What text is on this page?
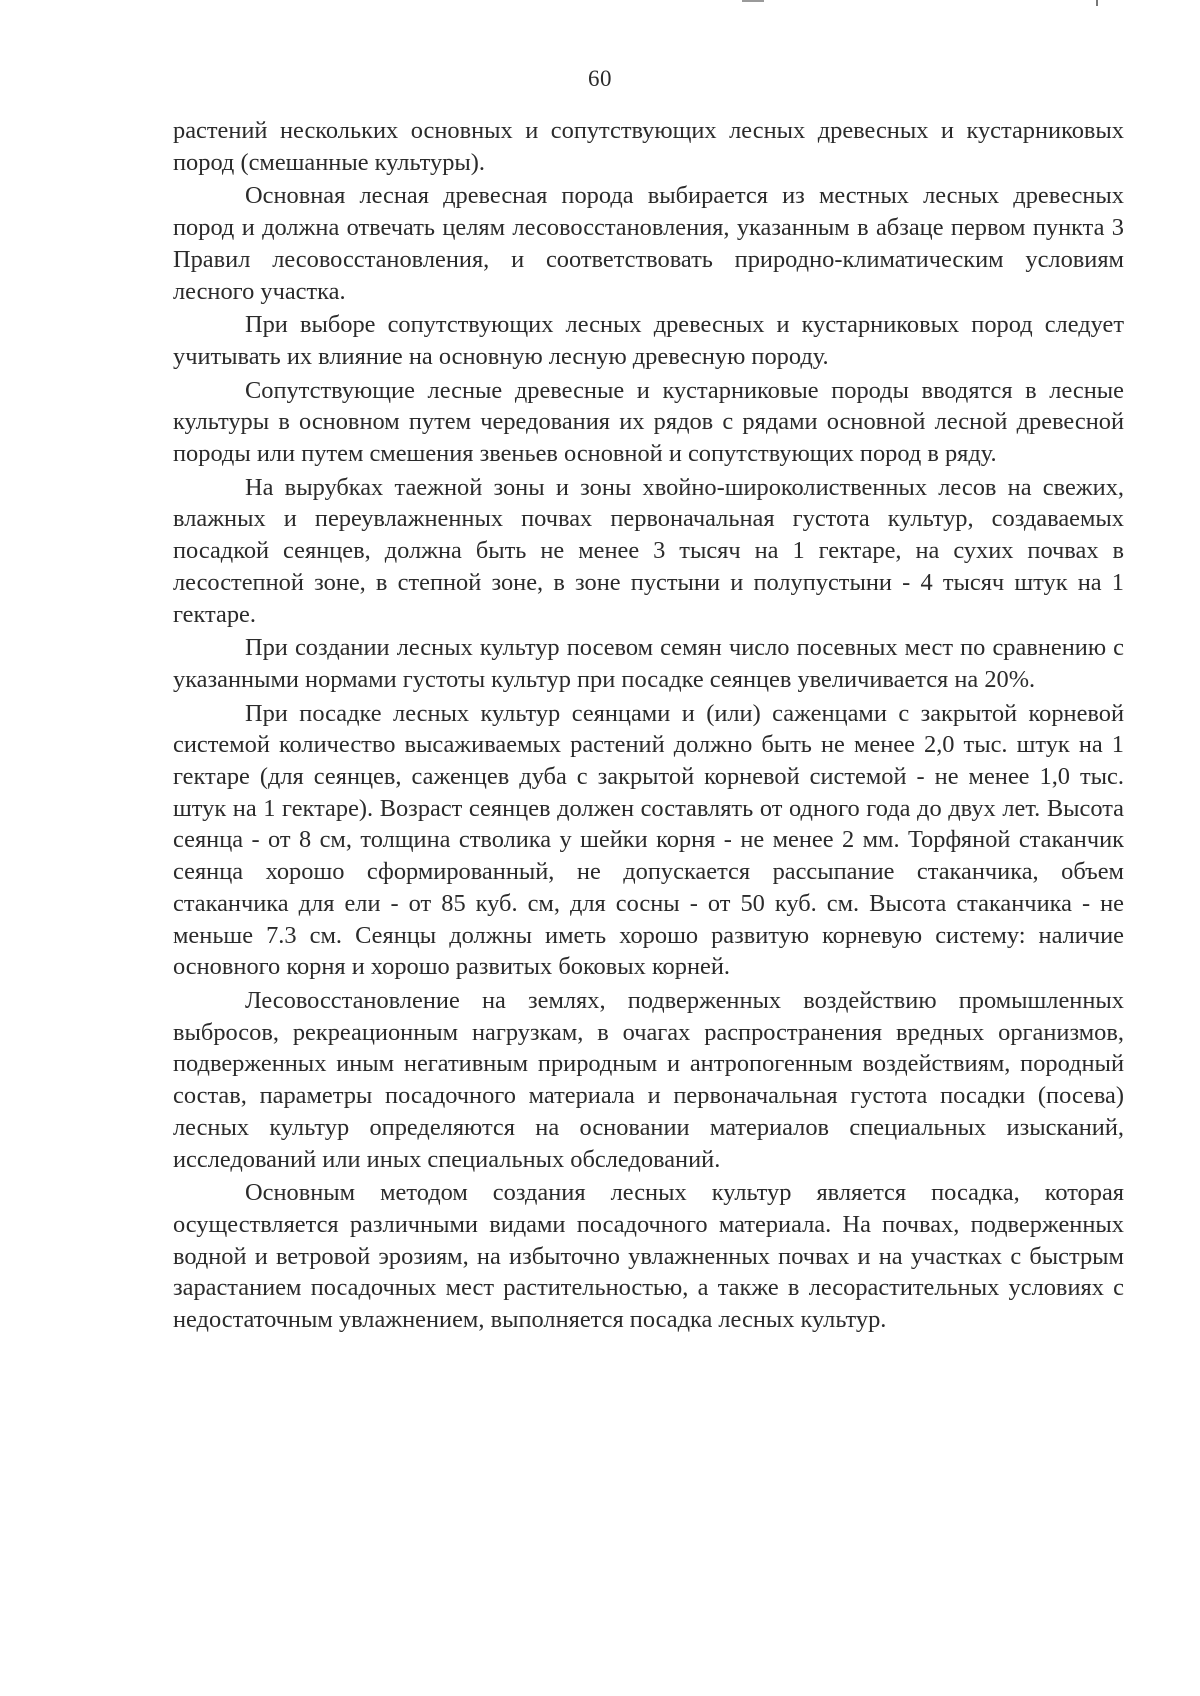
60

растений нескольких основных и сопутствующих лесных древесных и кустарниковых пород (смешанные культуры).

Основная лесная древесная порода выбирается из местных лесных древесных пород и должна отвечать целям лесовосстановления, указанным в абзаце первом пункта 3 Правил лесовосстановления, и соответствовать природно-климатическим условиям лесного участка.

При выборе сопутствующих лесных древесных и кустарниковых пород следует учитывать их влияние на основную лесную древесную породу.

Сопутствующие лесные древесные и кустарниковые породы вводятся в лесные культуры в основном путем чередования их рядов с рядами основной лесной древесной породы или путем смешения звеньев основной и сопутствующих пород в ряду.

На вырубках таежной зоны и зоны хвойно-широколиственных лесов на свежих, влажных и переувлажненных почвах первоначальная густота культур, создаваемых посадкой сеянцев, должна быть не менее 3 тысяч на 1 гектаре, на сухих почвах в лесостепной зоне, в степной зоне, в зоне пустыни и полупустыни - 4 тысяч штук на 1 гектаре.

При создании лесных культур посевом семян число посевных мест по сравнению с указанными нормами густоты культур при посадке сеянцев увеличивается на 20%.

При посадке лесных культур сеянцами и (или) саженцами с закрытой корневой системой количество высаживаемых растений должно быть не менее 2,0 тыс. штук на 1 гектаре (для сеянцев, саженцев дуба с закрытой корневой системой - не менее 1,0 тыс. штук на 1 гектаре). Возраст сеянцев должен составлять от одного года до двух лет. Высота сеянца - от 8 см, толщина стволика у шейки корня - не менее 2 мм. Торфяной стаканчик сеянца хорошо сформированный, не допускается рассыпание стаканчика, объем стаканчика для ели - от 85 куб. см, для сосны - от 50 куб. см. Высота стаканчика - не меньше 7.3 см. Сеянцы должны иметь хорошо развитую корневую систему: наличие основного корня и хорошо развитых боковых корней.

Лесовосстановление на землях, подверженных воздействию промышленных выбросов, рекреационным нагрузкам, в очагах распространения вредных организмов, подверженных иным негативным природным и антропогенным воздействиям, породный состав, параметры посадочного материала и первоначальная густота посадки (посева) лесных культур определяются на основании материалов специальных изысканий, исследований или иных специальных обследований.

Основным методом создания лесных культур является посадка, которая осуществляется различными видами посадочного материала. На почвах, подверженных водной и ветровой эрозиям, на избыточно увлажненных почвах и на участках с быстрым зарастанием посадочных мест растительностью, а также в лесорастительных условиях с недостаточным увлажнением, выполняется посадка лесных культур.
